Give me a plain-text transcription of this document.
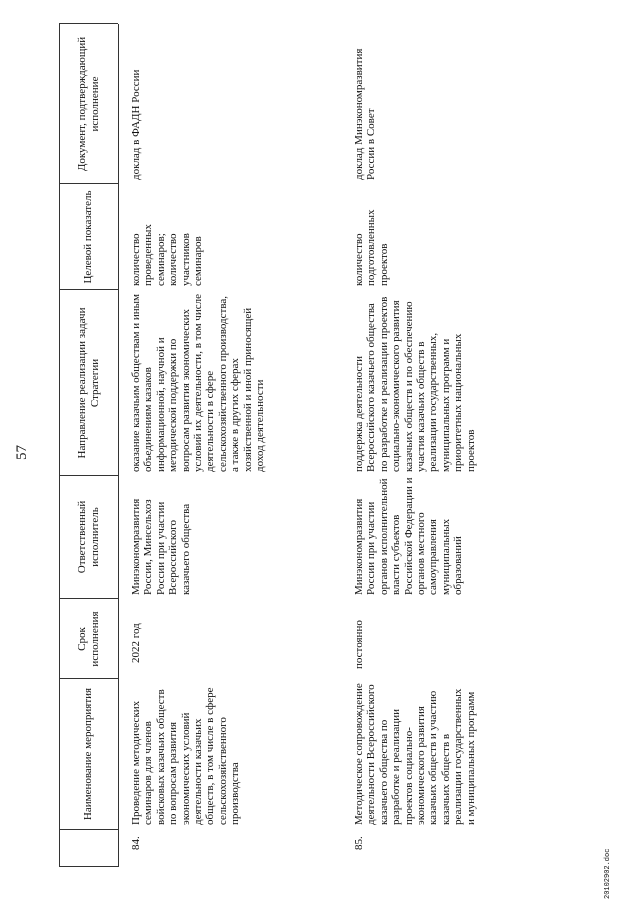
57
Наименование мероприятия
Срок исполнения
Ответственный исполнитель
Направление реализации задачи Стратегии
Целевой показатель
Документ, подтверждающий исполнение
84.
Проведение методических семинаров для членов войсковых казачьих обществ по вопросам развития экономических условий деятельности казачьих обществ, в том числе в сфере сельскохозяйственного производства
2022 год
Минэкономразвития России, Минсельхоз России при участии Всероссийского казачьего общества
оказание казачьим обществам и иным объединениям казаков информационной, научной и методической поддержки по вопросам развития экономических условий их деятельности, в том числе деятельности в сфере сельскохозяйственного производства, а также в других сферах хозяйственной и иной приносящей доход деятельности
количество проведенных семинаров; количество участников семинаров
доклад в ФАДН России
85.
Методическое сопровождение деятельности Всероссийского казачьего общества по разработке и реализации проектов социально-экономического развития казачьих обществ и участию казачьих обществ в реализации государственных и муниципальных программ
постоянно
Минэкономразвития России при участии органов исполнительной власти субъектов Российской Федерации и органов местного самоуправления муниципальных образований
поддержка деятельности Всероссийского казачьего общества по разработке и реализации проектов социально-экономического развития казачьих обществ и по обеспечению участия казачьих обществ в реализации государственных, муниципальных программ и приоритетных национальных проектов
количество подготовленных проектов
доклад Минэкономразвития России в Совет
20102902.doc
